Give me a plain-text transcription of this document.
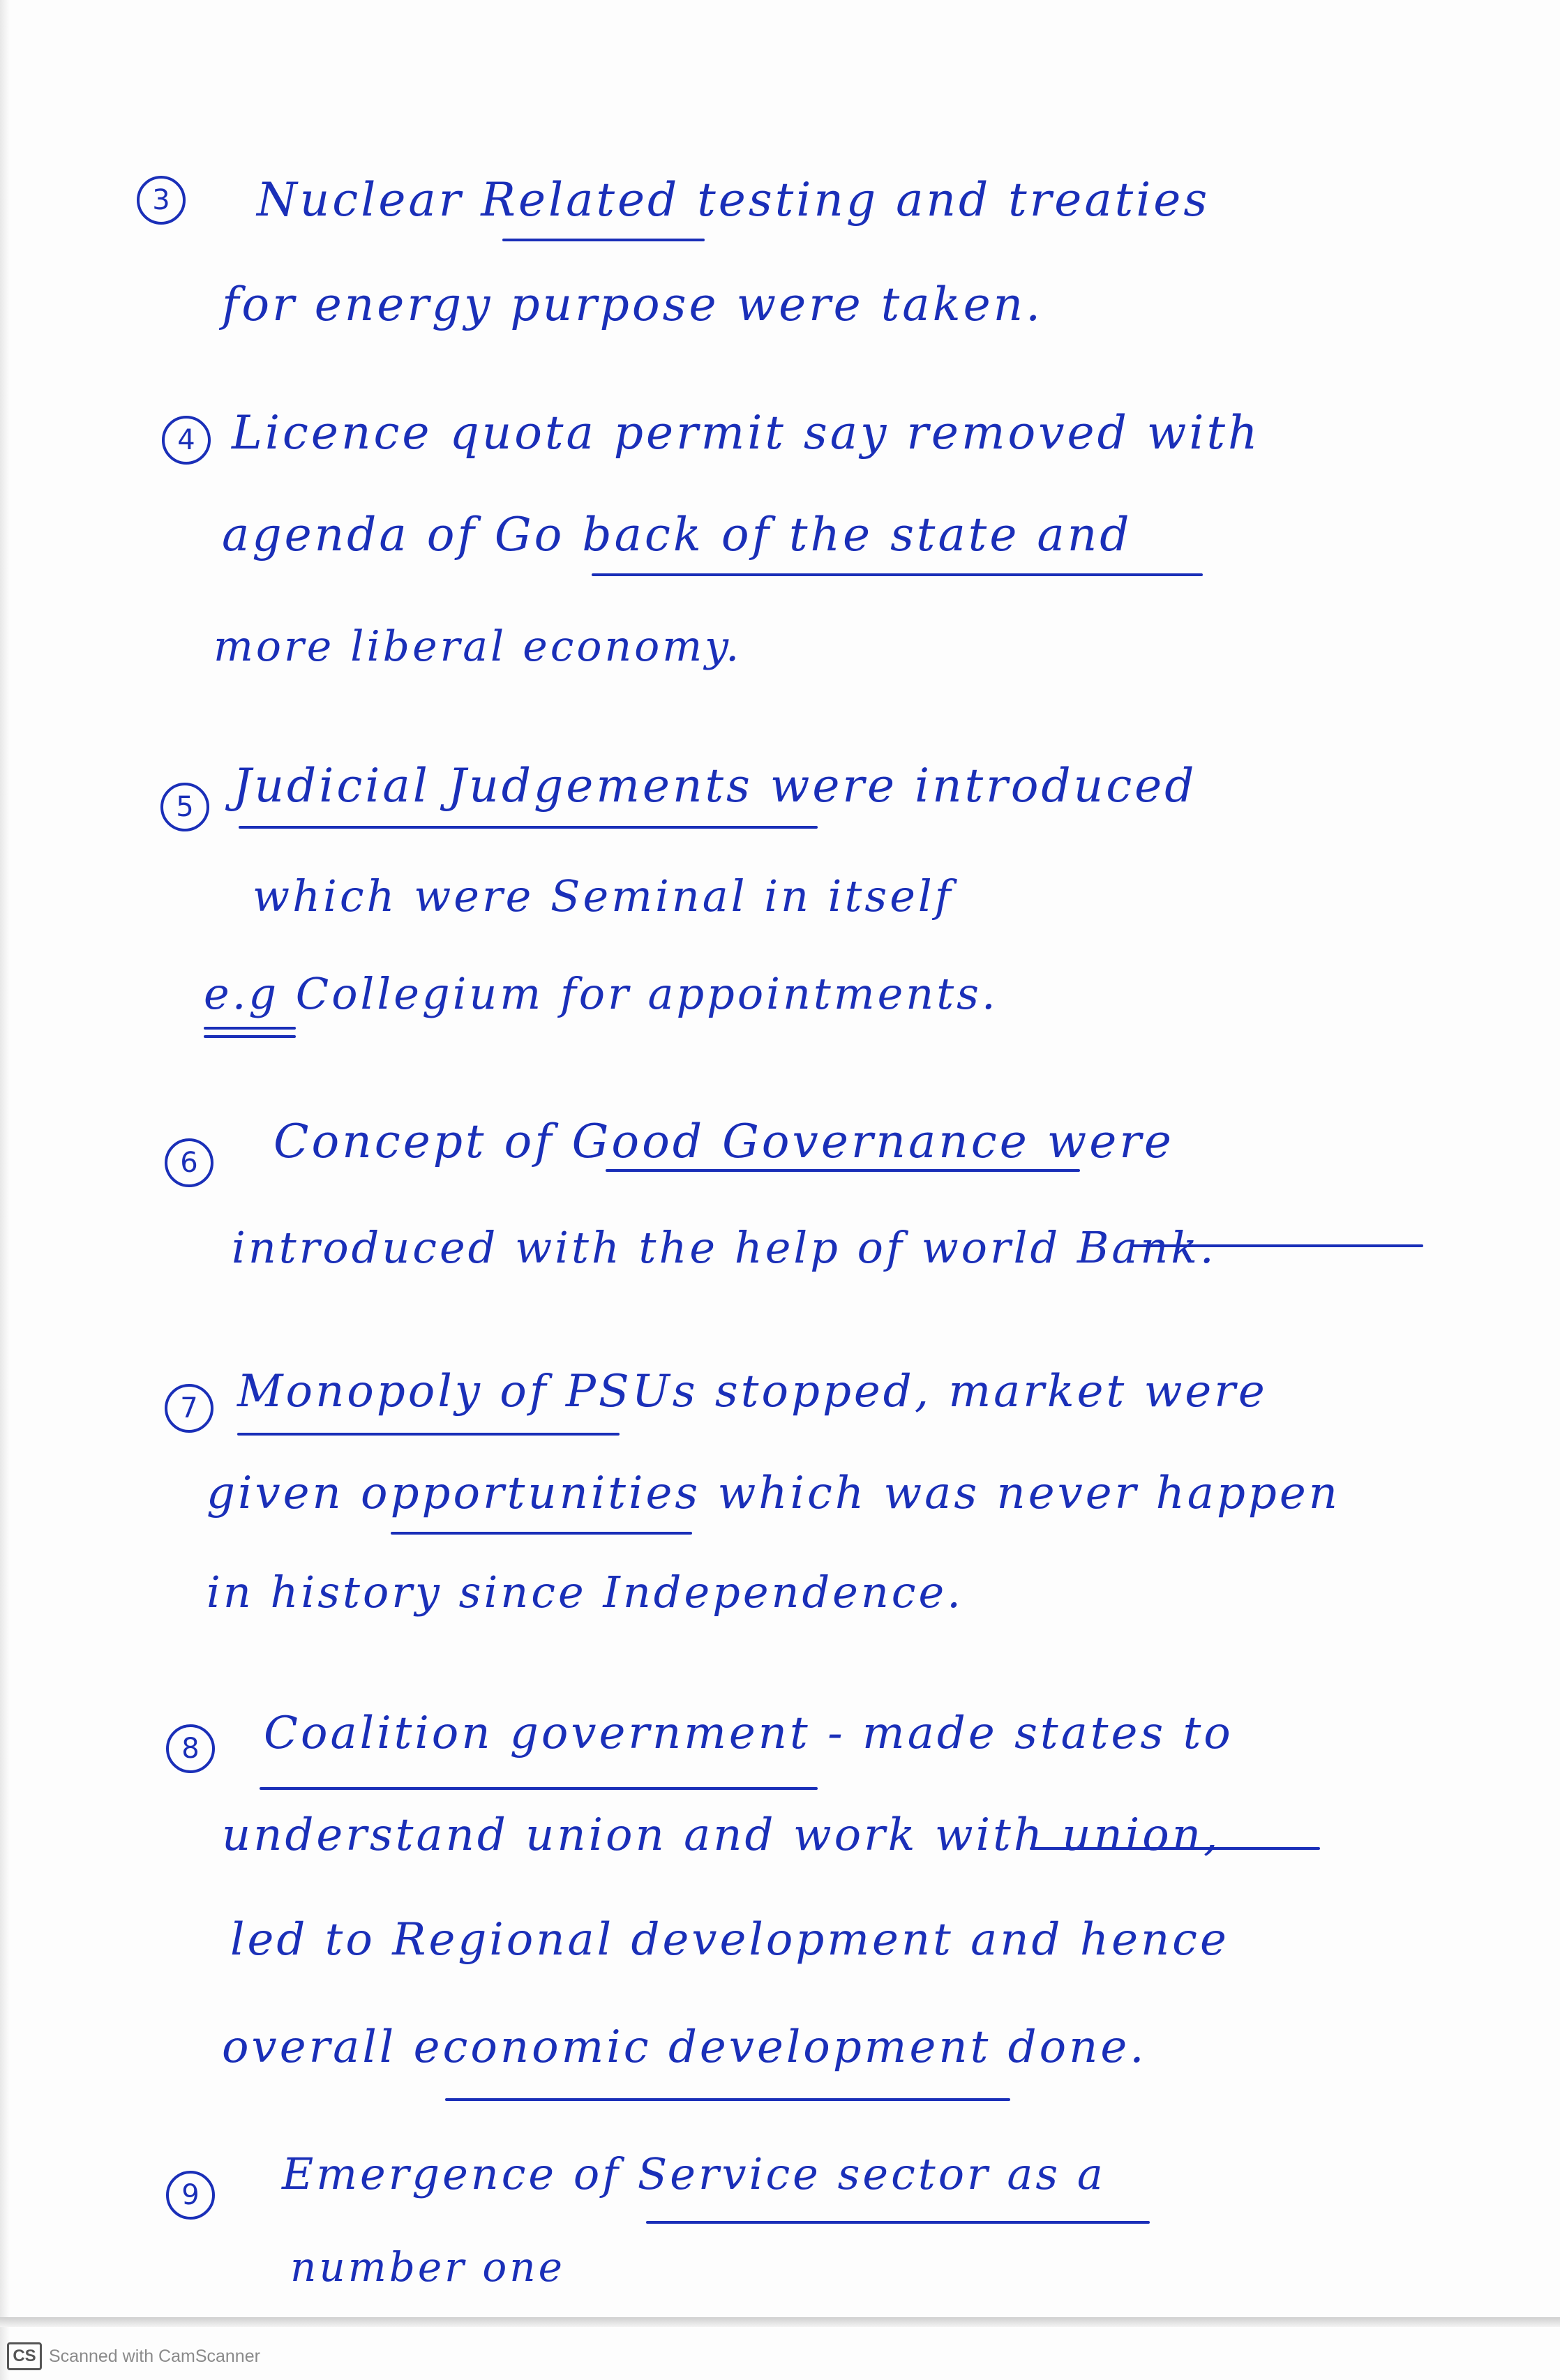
3	Nuclear Related testing and treaties
for energy purpose were taken.
4 Licence quota permit say removed with
agenda of Go back of the state and
more liberal economy.
5 Judicial Judgements were introduced
which were Seminal in itself
e.g Collegium for appointments.
6	Concept of Good Governance were
introduced with the help of world Bank.
7 Monopoly of PSUs stopped, market were
given opportunities which was never happen
in history since Independence.
8	Coalition government - made states to
understand union and work with union,
led to Regional development and hence
overall economic development done.
9	Emergence of Service sector as a
number one
CS Scanned with CamScanner
